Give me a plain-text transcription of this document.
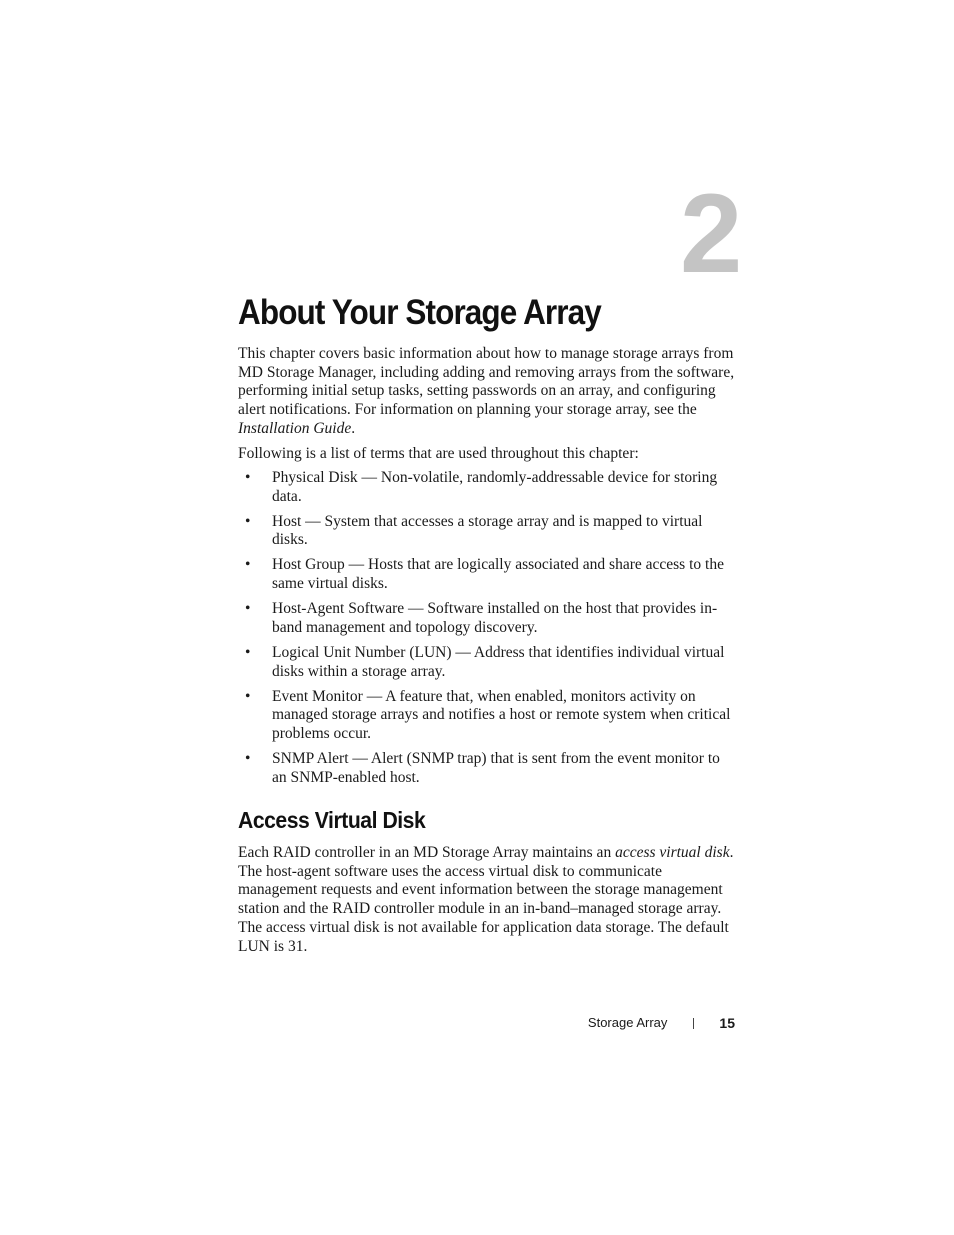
2
About Your Storage Array

This chapter covers basic information about how to manage storage arrays from MD Storage Manager, including adding and removing arrays from the software, performing initial setup tasks, setting passwords on an array, and configuring alert notifications. For information on planning your storage array, see the Installation Guide.

Following is a list of terms that are used throughout this chapter:

• Physical Disk — Non-volatile, randomly-addressable device for storing data.
• Host — System that accesses a storage array and is mapped to virtual disks.
• Host Group — Hosts that are logically associated and share access to the same virtual disks.
• Host-Agent Software — Software installed on the host that provides in-band management and topology discovery.
• Logical Unit Number (LUN) — Address that identifies individual virtual disks within a storage array.
• Event Monitor — A feature that, when enabled, monitors activity on managed storage arrays and notifies a host or remote system when critical problems occur.
• SNMP Alert — Alert (SNMP trap) that is sent from the event monitor to an SNMP-enabled host.
Access Virtual Disk

Each RAID controller in an MD Storage Array maintains an access virtual disk. The host-agent software uses the access virtual disk to communicate management requests and event information between the storage management station and the RAID controller module in an in-band–managed storage array. The access virtual disk is not available for application data storage. The default LUN is 31.

Storage Array	15
